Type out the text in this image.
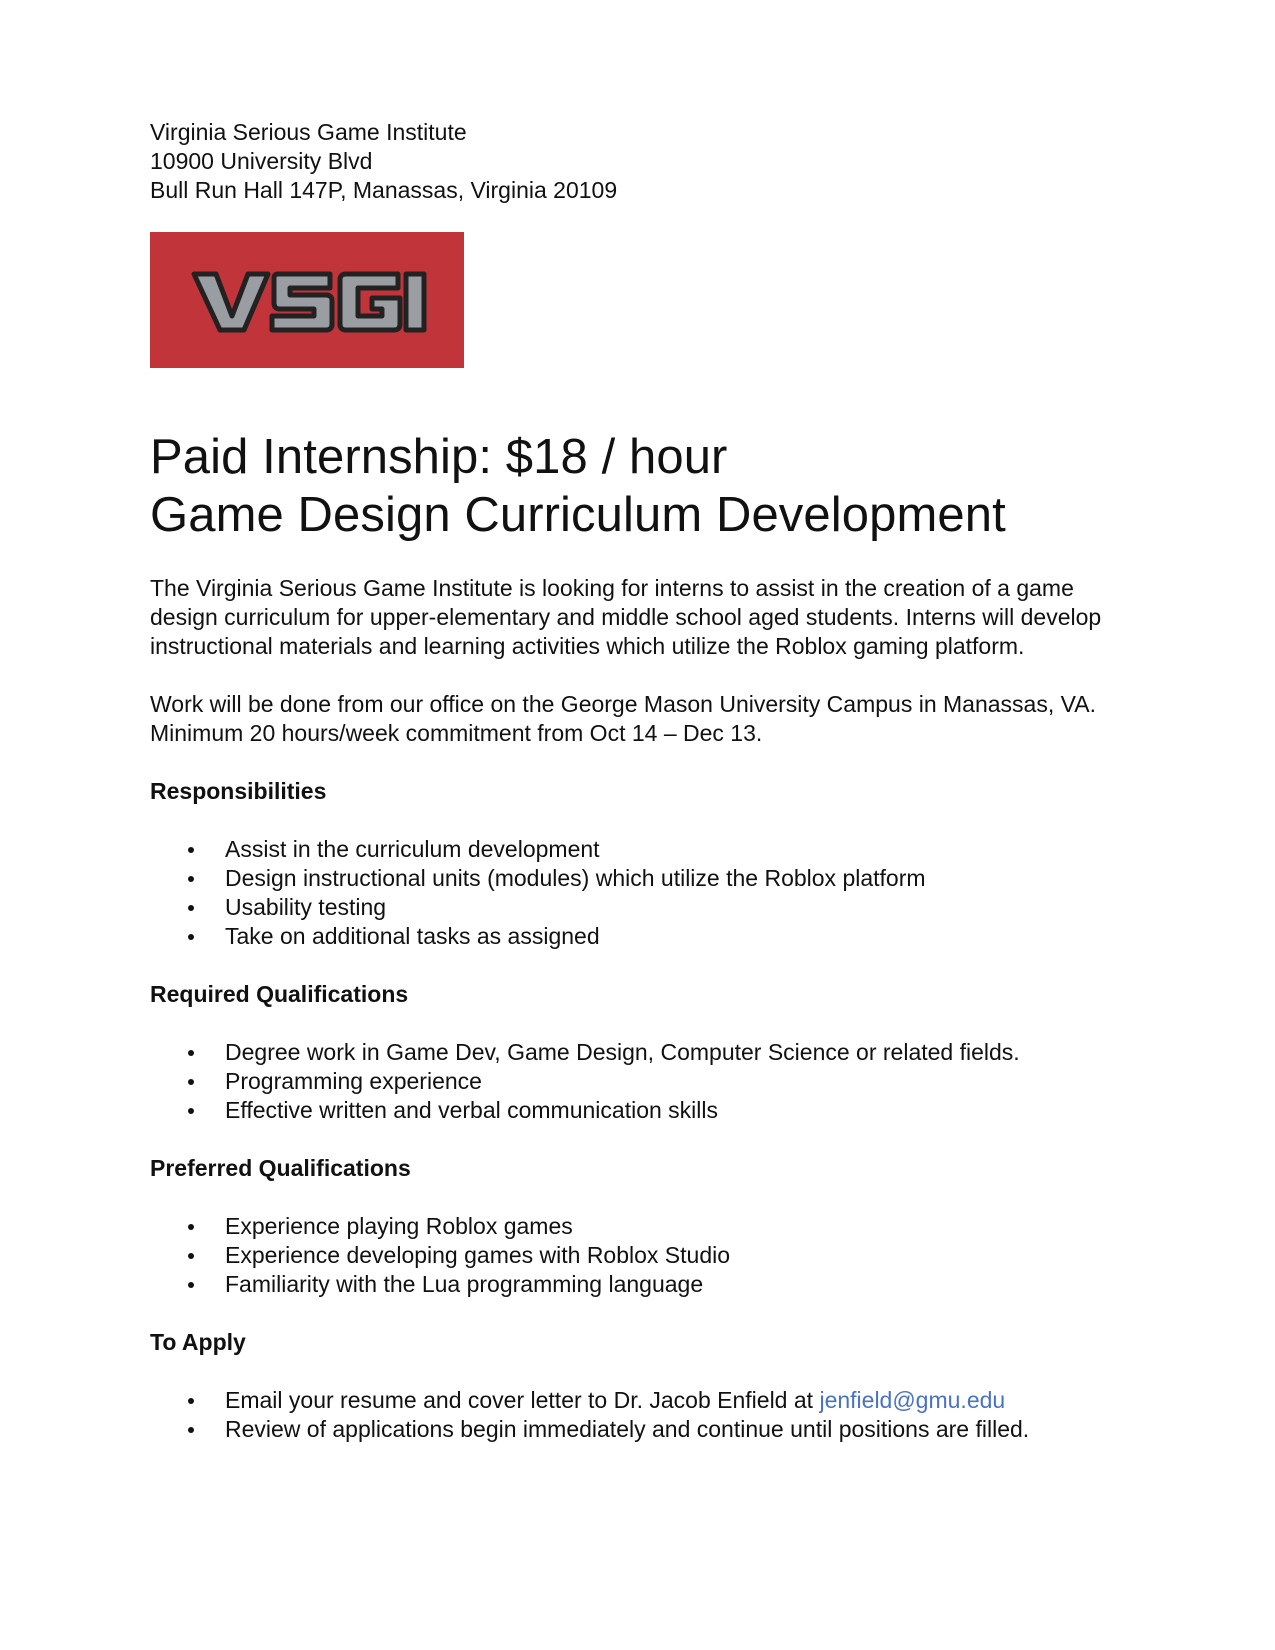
Virginia Serious Game Institute

10900 University Blvd

Bull Run Hall 147P, Manassas, Virginia 20109

Paid Internship: $18 / hour
Game Design Curriculum Development

The Virginia Serious Game Institute is looking for interns to assist in the creation of a game design curriculum for upper-elementary and middle school aged students. Interns will develop instructional materials and learning activities which utilize the Roblox gaming platform.

Work will be done from our office on the George Mason University Campus in Manassas, VA. Minimum 20 hours/week commitment from Oct 14 – Dec 13.

Responsibilities
Assist in the curriculum development
Design instructional units (modules) which utilize the Roblox platform
Usability testing
Take on additional tasks as assigned
Required Qualifications
Degree work in Game Dev, Game Design, Computer Science or related fields.
Programming experience
Effective written and verbal communication skills
Preferred Qualifications
Experience playing Roblox games
Experience developing games with Roblox Studio
Familiarity with the Lua programming language
To Apply
Email your resume and cover letter to Dr. Jacob Enfield at jenfield@gmu.edu
Review of applications begin immediately and continue until positions are filled.
